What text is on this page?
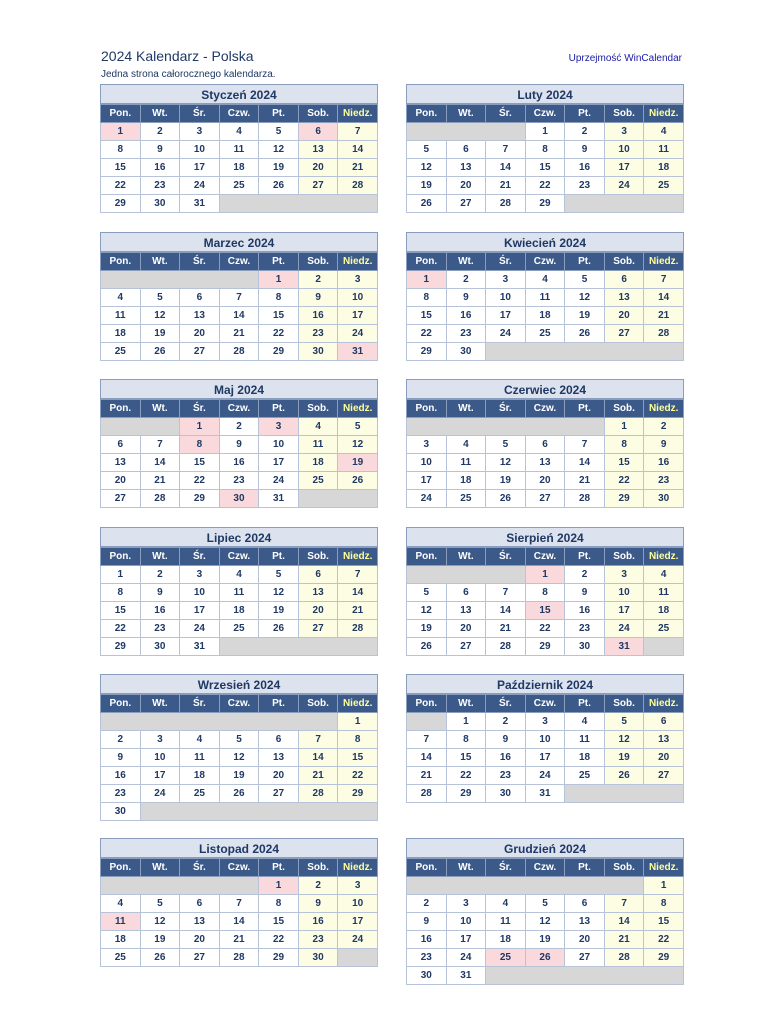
2024 Kalendarz - Polska
Jedna strona całorocznego kalendarza.
Uprzejmość WinCalendar
Styczeń 2024
Pon.	Wt.	Śr.	Czw.	Pt.	Sob.	Niedz.
1	2	3	4	5	6	7
8	9	10	11	12	13	14
15	16	17	18	19	20	21
22	23	24	25	26	27	28
29	30	31				
Luty 2024
Pon.	Wt.	Śr.	Czw.	Pt.	Sob.	Niedz.
			1	2	3	4
5	6	7	8	9	10	11
12	13	14	15	16	17	18
19	20	21	22	23	24	25
26	27	28	29			
Marzec 2024
Pon.	Wt.	Śr.	Czw.	Pt.	Sob.	Niedz.
				1	2	3
4	5	6	7	8	9	10
11	12	13	14	15	16	17
18	19	20	21	22	23	24
25	26	27	28	29	30	31
Kwiecień 2024
Pon.	Wt.	Śr.	Czw.	Pt.	Sob.	Niedz.
1	2	3	4	5	6	7
8	9	10	11	12	13	14
15	16	17	18	19	20	21
22	23	24	25	26	27	28
29	30					
Maj 2024
Pon.	Wt.	Śr.	Czw.	Pt.	Sob.	Niedz.
		1	2	3	4	5
6	7	8	9	10	11	12
13	14	15	16	17	18	19
20	21	22	23	24	25	26
27	28	29	30	31		
Czerwiec 2024
Pon.	Wt.	Śr.	Czw.	Pt.	Sob.	Niedz.
					1	2
3	4	5	6	7	8	9
10	11	12	13	14	15	16
17	18	19	20	21	22	23
24	25	26	27	28	29	30
Lipiec 2024
Pon.	Wt.	Śr.	Czw.	Pt.	Sob.	Niedz.
1	2	3	4	5	6	7
8	9	10	11	12	13	14
15	16	17	18	19	20	21
22	23	24	25	26	27	28
29	30	31				
Sierpień 2024
Pon.	Wt.	Śr.	Czw.	Pt.	Sob.	Niedz.
			1	2	3	4
5	6	7	8	9	10	11
12	13	14	15	16	17	18
19	20	21	22	23	24	25
26	27	28	29	30	31	
Wrzesień 2024
Pon.	Wt.	Śr.	Czw.	Pt.	Sob.	Niedz.
						1
2	3	4	5	6	7	8
9	10	11	12	13	14	15
16	17	18	19	20	21	22
23	24	25	26	27	28	29
30						
Październik 2024
Pon.	Wt.	Śr.	Czw.	Pt.	Sob.	Niedz.
	1	2	3	4	5	6
7	8	9	10	11	12	13
14	15	16	17	18	19	20
21	22	23	24	25	26	27
28	29	30	31			
Listopad 2024
Pon.	Wt.	Śr.	Czw.	Pt.	Sob.	Niedz.
				1	2	3
4	5	6	7	8	9	10
11	12	13	14	15	16	17
18	19	20	21	22	23	24
25	26	27	28	29	30	
Grudzień 2024
Pon.	Wt.	Śr.	Czw.	Pt.	Sob.	Niedz.
						1
2	3	4	5	6	7	8
9	10	11	12	13	14	15
16	17	18	19	20	21	22
23	24	25	26	27	28	29
30	31					
